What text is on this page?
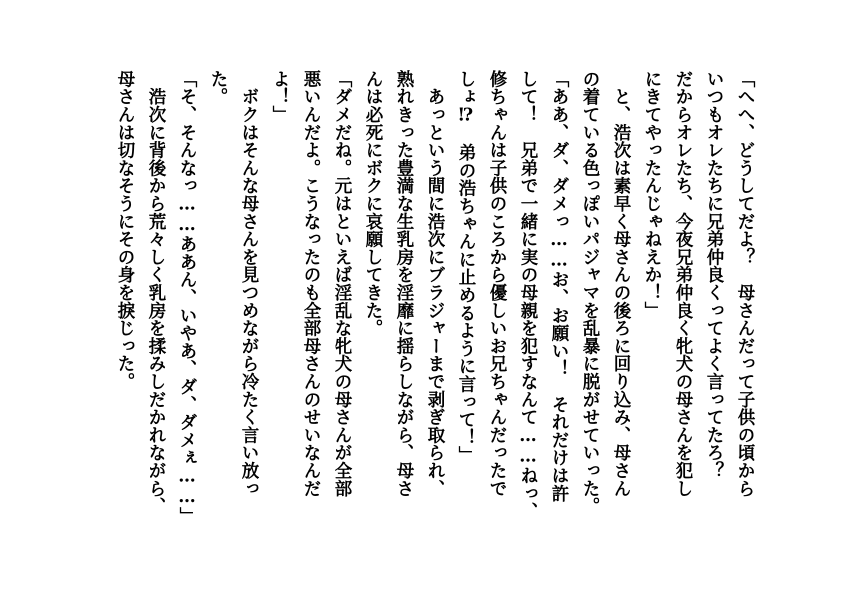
「へへ、どうしてだよ？　母さんだって子供の頃から
いつもオレたちに兄弟仲良くってよく言ってたろ？
だからオレたち、今夜兄弟仲良く牝犬の母さんを犯し
にきてやったんじゃねえか！」
　と、浩次は素早く母さんの後ろに回り込み、母さん
の着ている色っぽいパジャマを乱暴に脱がせていった。
「ああ、ダ、ダメっ……お、お願い！　それだけは許
して！　兄弟で一緒に実の母親を犯すなんて……ねっ、
修ちゃんは子供のころから優しいお兄ちゃんだったで
しょ⁉　弟の浩ちゃんに止めるように言って！」
　あっという間に浩次にブラジャーまで剥ぎ取られ、
熟れきった豊満な生乳房を淫靡に揺らしながら、母さ
んは必死にボクに哀願してきた。
「ダメだね。元はといえば淫乱な牝犬の母さんが全部
悪いんだよ。こうなったのも全部母さんのせいなんだ
よ！」
　ボクはそんな母さんを見つめながら冷たく言い放っ
た。
「そ、そんなっ……ああん、いやあ、ダ、ダメぇ……」
　浩次に背後から荒々しく乳房を揉みしだかれながら、
母さんは切なそうにその身を捩じった。
